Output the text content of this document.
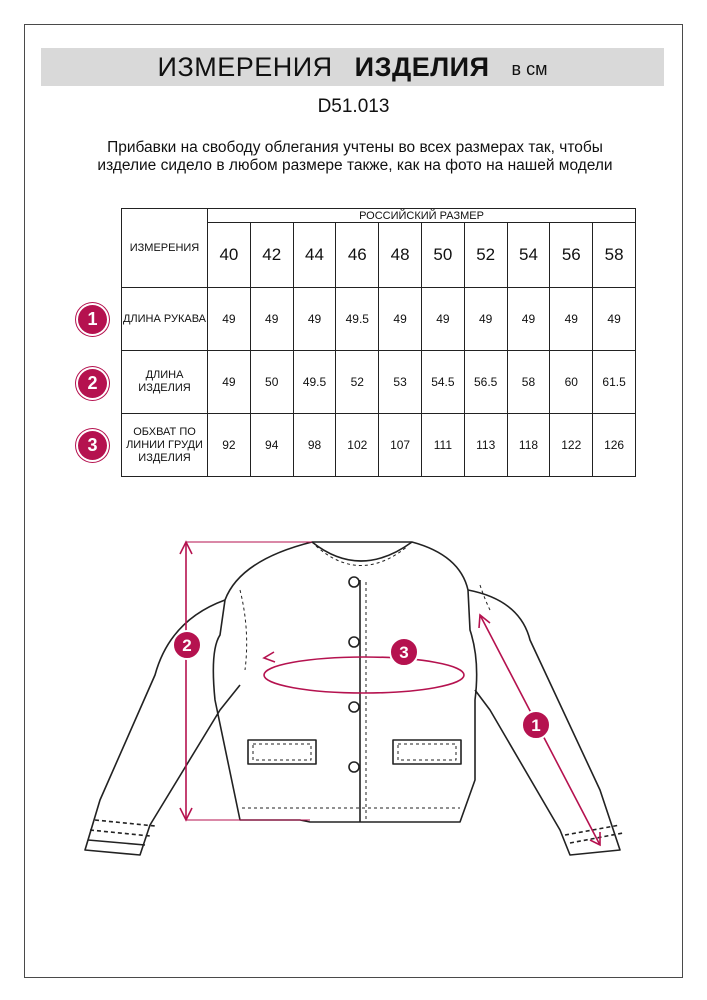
ИЗМЕРЕНИЯ ИЗДЕЛИЯ в см
D51.013
Прибавки на свободу облегания учтены во всех размерах так, чтобы изделие сидело в любом размере также, как на фото на нашей модели
ИЗМЕРЕНИЯ	РОССИЙСКИЙ РАЗМЕР									
	40	42	44	46	48	50	52	54	56	58
ДЛИНА РУКАВА	49	49	49	49.5	49	49	49	49	49	49
ДЛИНА ИЗДЕЛИЯ	49	50	49.5	52	53	54.5	56.5	58	60	61.5
ОБХВАТ ПО ЛИНИИ ГРУДИ ИЗДЕЛИЯ	92	94	98	102	107	111	113	118	122	126
1
2
3
2	3
1
